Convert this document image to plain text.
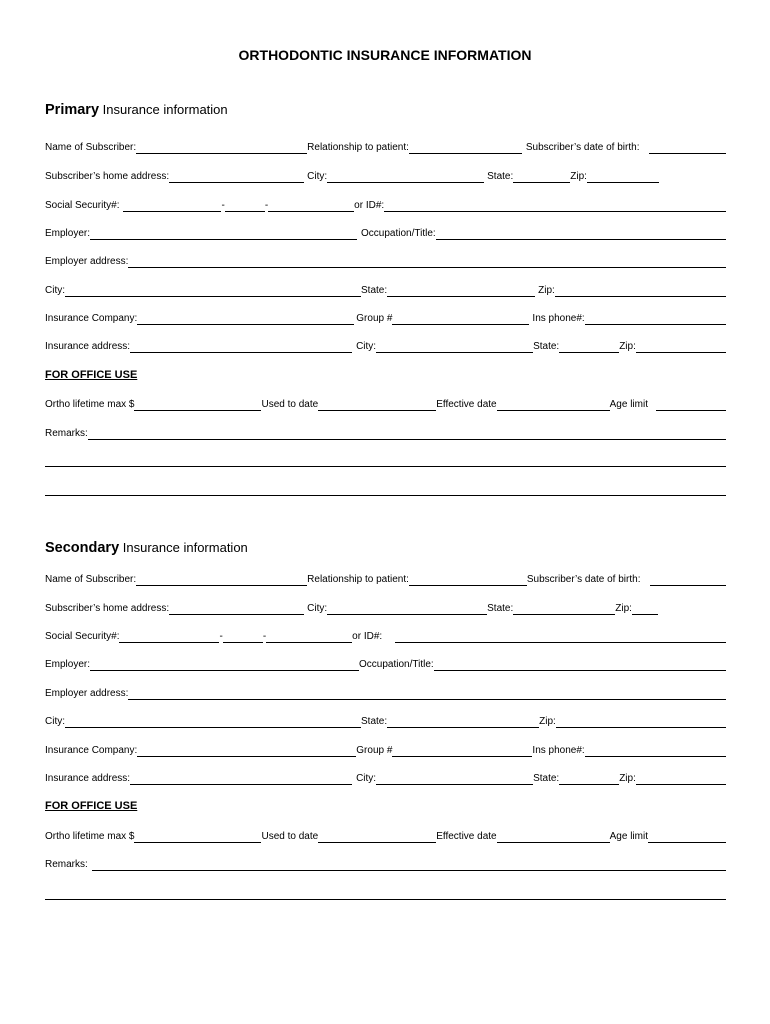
ORTHODONTIC INSURANCE INFORMATION
Primary Insurance information
Name of Subscriber:	Relationship to patient:	Subscriber’s date of birth:
Subscriber’s home address:	City:	State:	Zip:
Social Security#:	-	-	or ID#:
Employer:	Occupation/Title:
Employer address:
City:	State:	Zip:
Insurance Company:	Group #	Ins phone#:
Insurance address:	City:	State:	Zip:
FOR OFFICE USE
Ortho lifetime max $	Used to date	Effective date	Age limit
Remarks:
Secondary Insurance information
Name of Subscriber:	Relationship to patient:	Subscriber’s date of birth:
Subscriber’s home address:	City:	State:	Zip:
Social Security#:	-	-	or ID#:
Employer:	Occupation/Title:
Employer address:
City:	State:	Zip:
Insurance Company:	Group #	Ins phone#:
Insurance address:	City:	State:	Zip:
FOR OFFICE USE
Ortho lifetime max $	Used to date	Effective date	Age limit
Remarks:
